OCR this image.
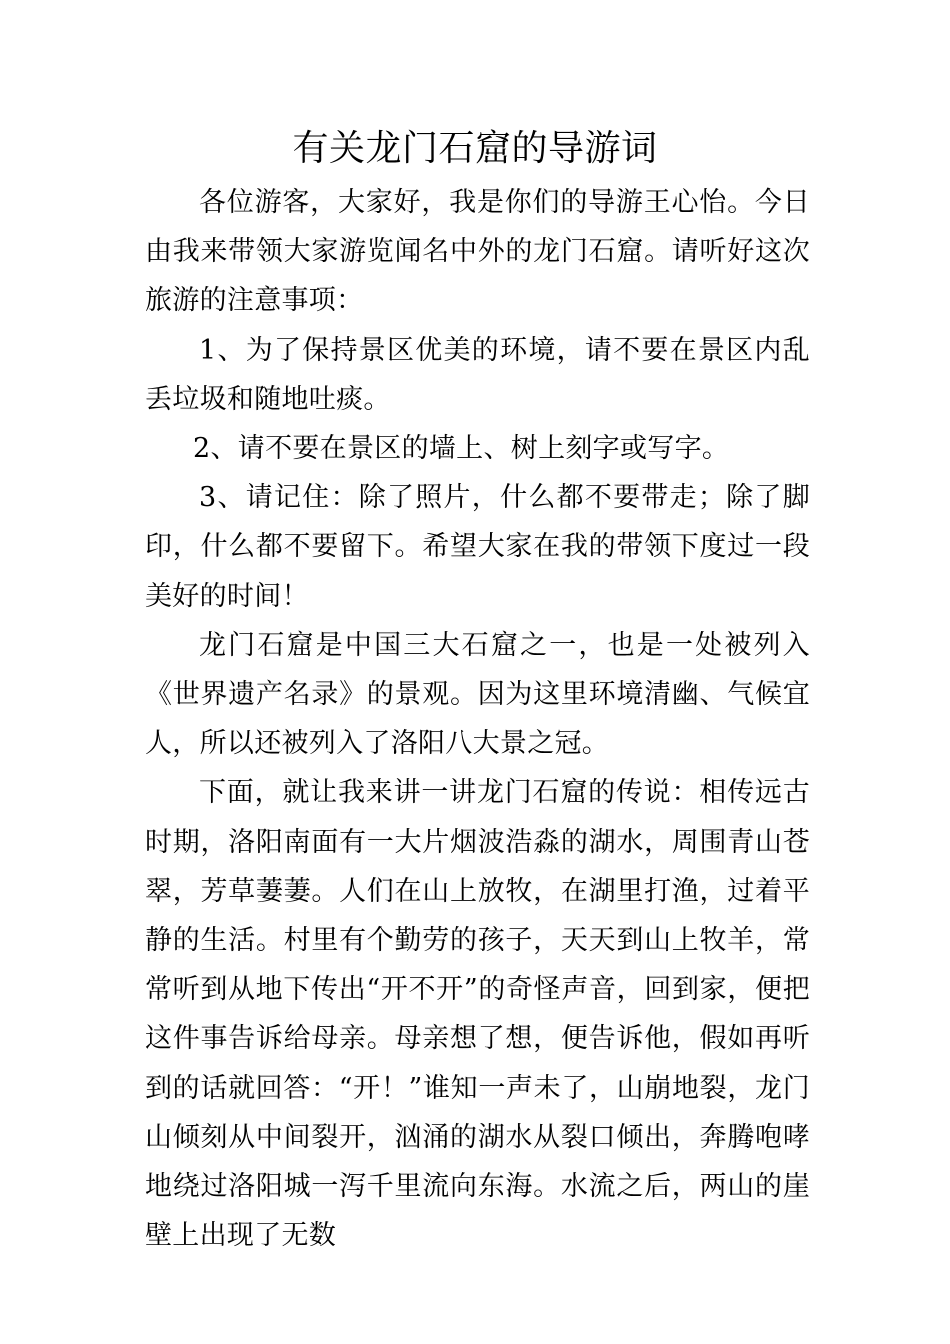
有关龙门石窟的导游词

各位游客，大家好，我是你们的导游王心怡。今日由我来带领大家游览闻名中外的龙门石窟。请听好这次旅游的注意事项：

1、为了保持景区优美的环境，请不要在景区内乱丢垃圾和随地吐痰。

2、请不要在景区的墙上、树上刻字或写字。

3、请记住：除了照片，什么都不要带走；除了脚印，什么都不要留下。希望大家在我的带领下度过一段美好的时间！

龙门石窟是中国三大石窟之一，也是一处被列入《世界遗产名录》的景观。因为这里环境清幽、气候宜人，所以还被列入了洛阳八大景之冠。

下面，就让我来讲一讲龙门石窟的传说：相传远古时期，洛阳南面有一大片烟波浩淼的湖水，周围青山苍翠，芳草萋萋。人们在山上放牧，在湖里打渔，过着平静的生活。村里有个勤劳的孩子，天天到山上牧羊，常常听到从地下传出“开不开”的奇怪声音，回到家，便把这件事告诉给母亲。母亲想了想，便告诉他，假如再听到的话就回答：“开！”谁知一声未了，山崩地裂，龙门山倾刻从中间裂开，汹涌的湖水从裂口倾出，奔腾咆哮地绕过洛阳城一泻千里流向东海。水流之后，两山的崖壁上出现了无数
